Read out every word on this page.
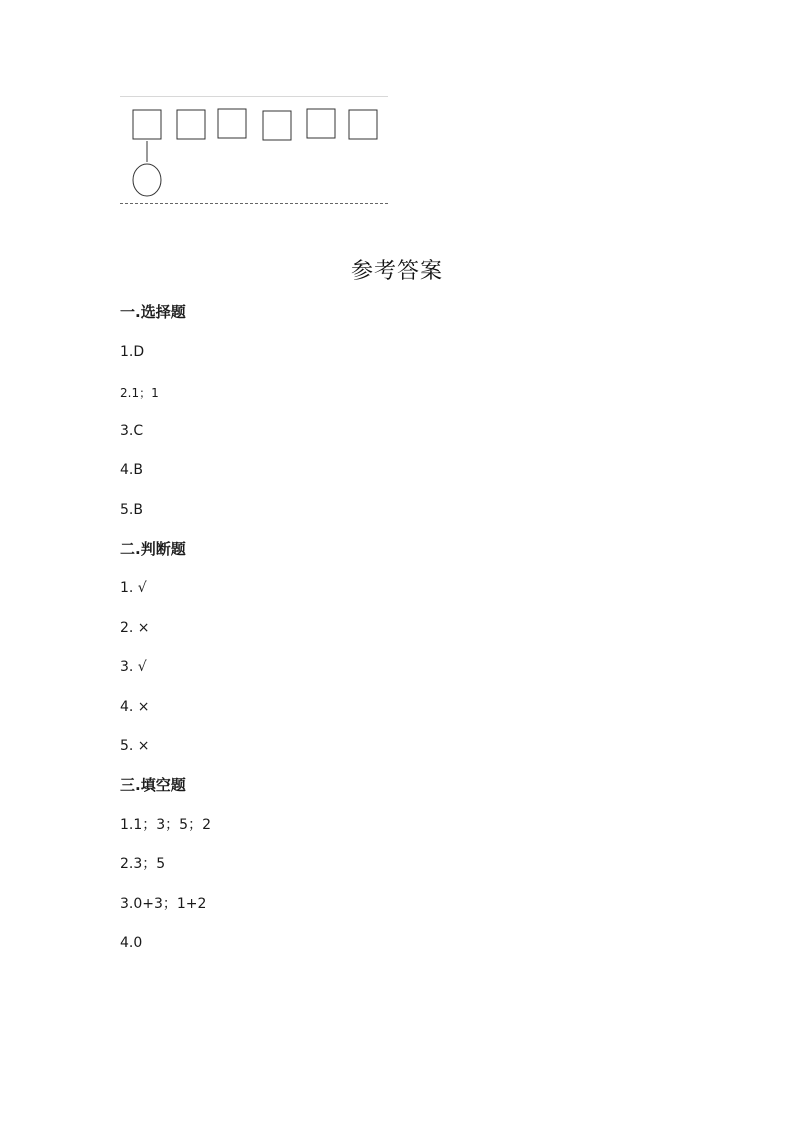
参考答案
一.选择题
1.D
2.1；1
3.C
4.B
5.B
二.判断题
1. √
2. ×
3. √
4. ×
5. ×
三.填空题
1.1；3；5；2
2.3；5
3.0+3；1+2
4.0
